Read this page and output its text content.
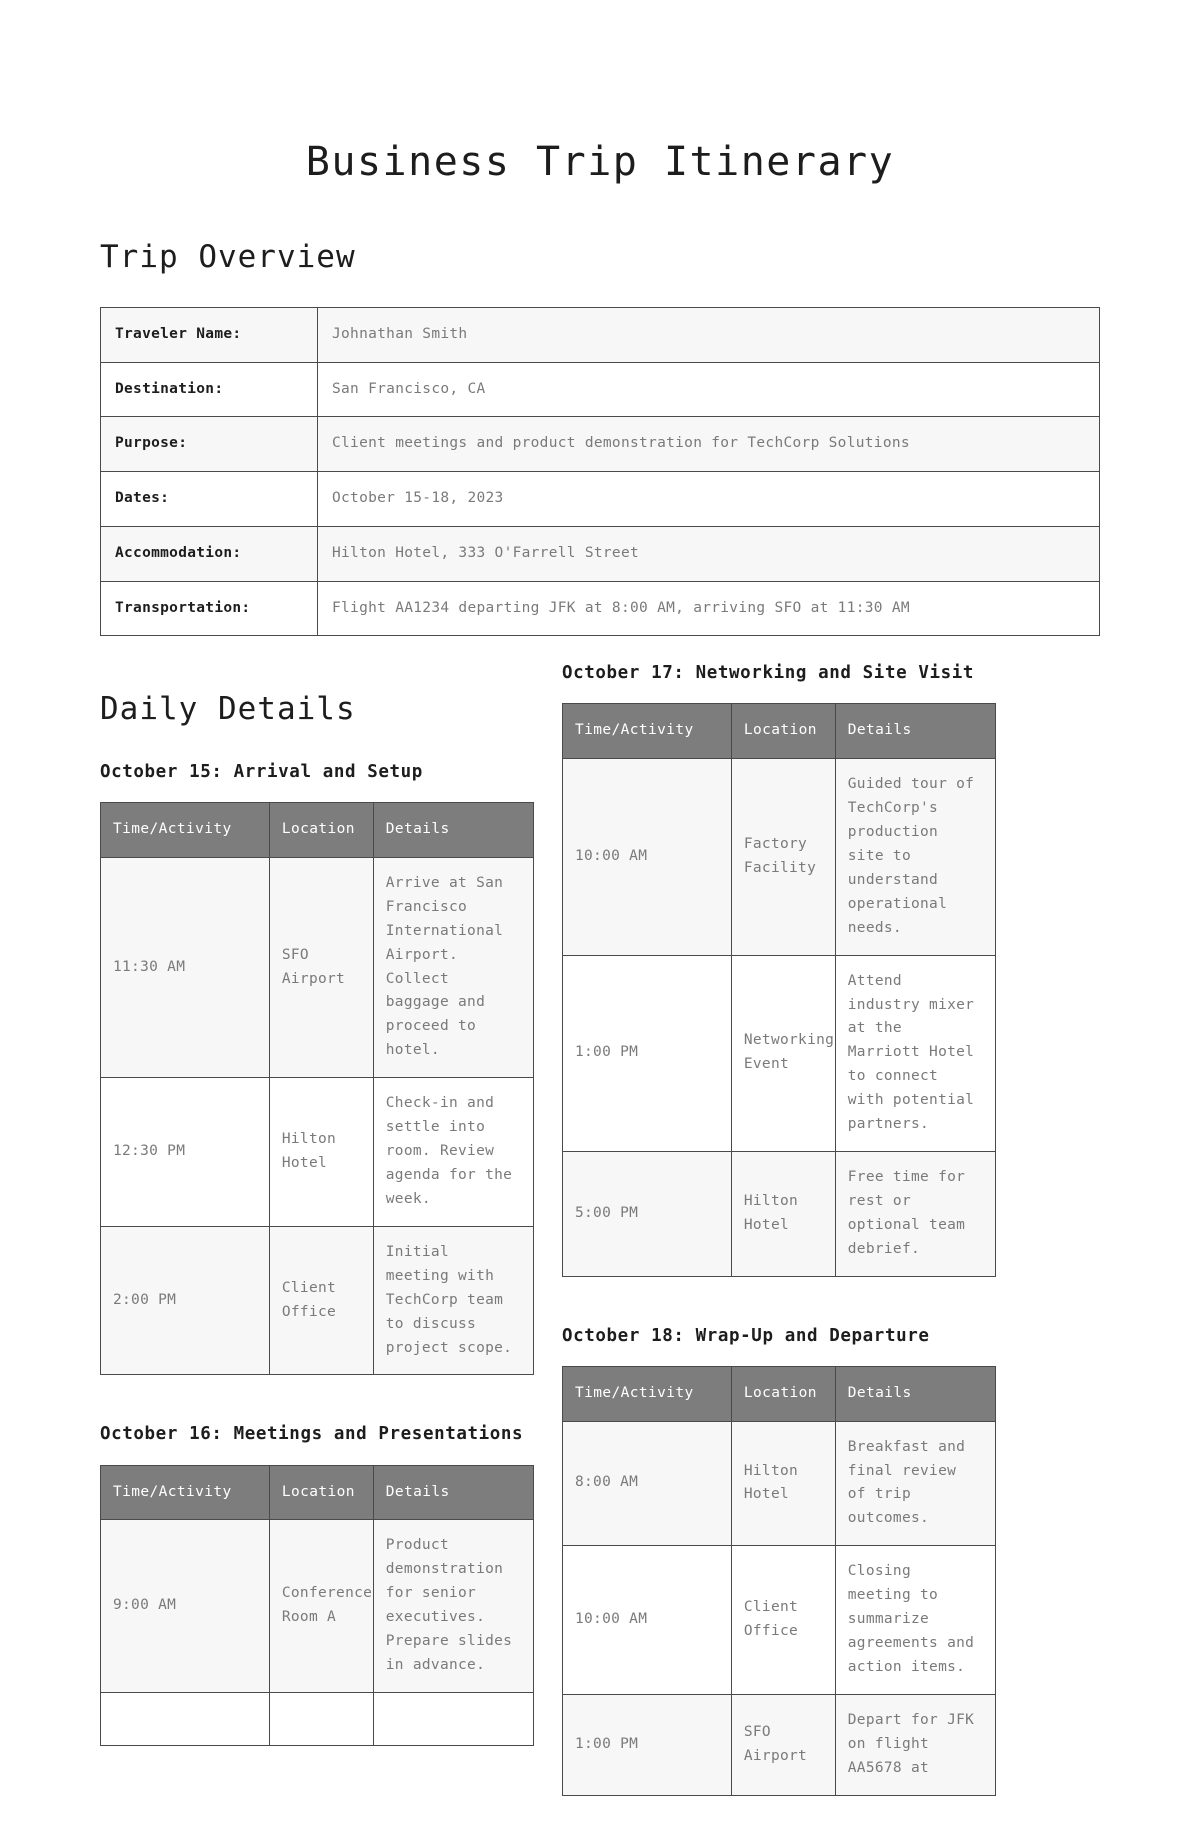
Business Trip Itinerary
Trip Overview
Traveler Name:	Johnathan Smith
Destination:	San Francisco, CA
Purpose:	Client meetings and product demonstration for TechCorp Solutions
Dates:	October 15-18, 2023
Accommodation:	Hilton Hotel, 333 O'Farrell Street
Transportation:	Flight AA1234 departing JFK at 8:00 AM, arriving SFO at 11:30 AM
Daily Details
October 15: Arrival and Setup
Time/Activity	Location	Details
11:30 AM	SFO Airport	Arrive at San Francisco International Airport. Collect baggage and proceed to hotel.
12:30 PM	Hilton Hotel	Check-in and settle into room. Review agenda for the week.
2:00 PM	Client Office	Initial meeting with TechCorp team to discuss project scope.
October 16: Meetings and Presentations
Time/Activity	Location	Details
9:00 AM	Conference Room A	Product demonstration for senior executives. Prepare slides in advance.

October 17: Networking and Site Visit
Time/Activity	Location	Details
10:00 AM	Factory Facility	Guided tour of TechCorp's production site to understand operational needs.
1:00 PM	Networking Event	Attend industry mixer at the Marriott Hotel to connect with potential partners.
5:00 PM	Hilton Hotel	Free time for rest or optional team debrief.
October 18: Wrap-Up and Departure
Time/Activity	Location	Details
8:00 AM	Hilton Hotel	Breakfast and final review of trip outcomes.
10:00 AM	Client Office	Closing meeting to summarize agreements and action items.
1:00 PM	SFO Airport	Depart for JFK on flight AA5678 at
